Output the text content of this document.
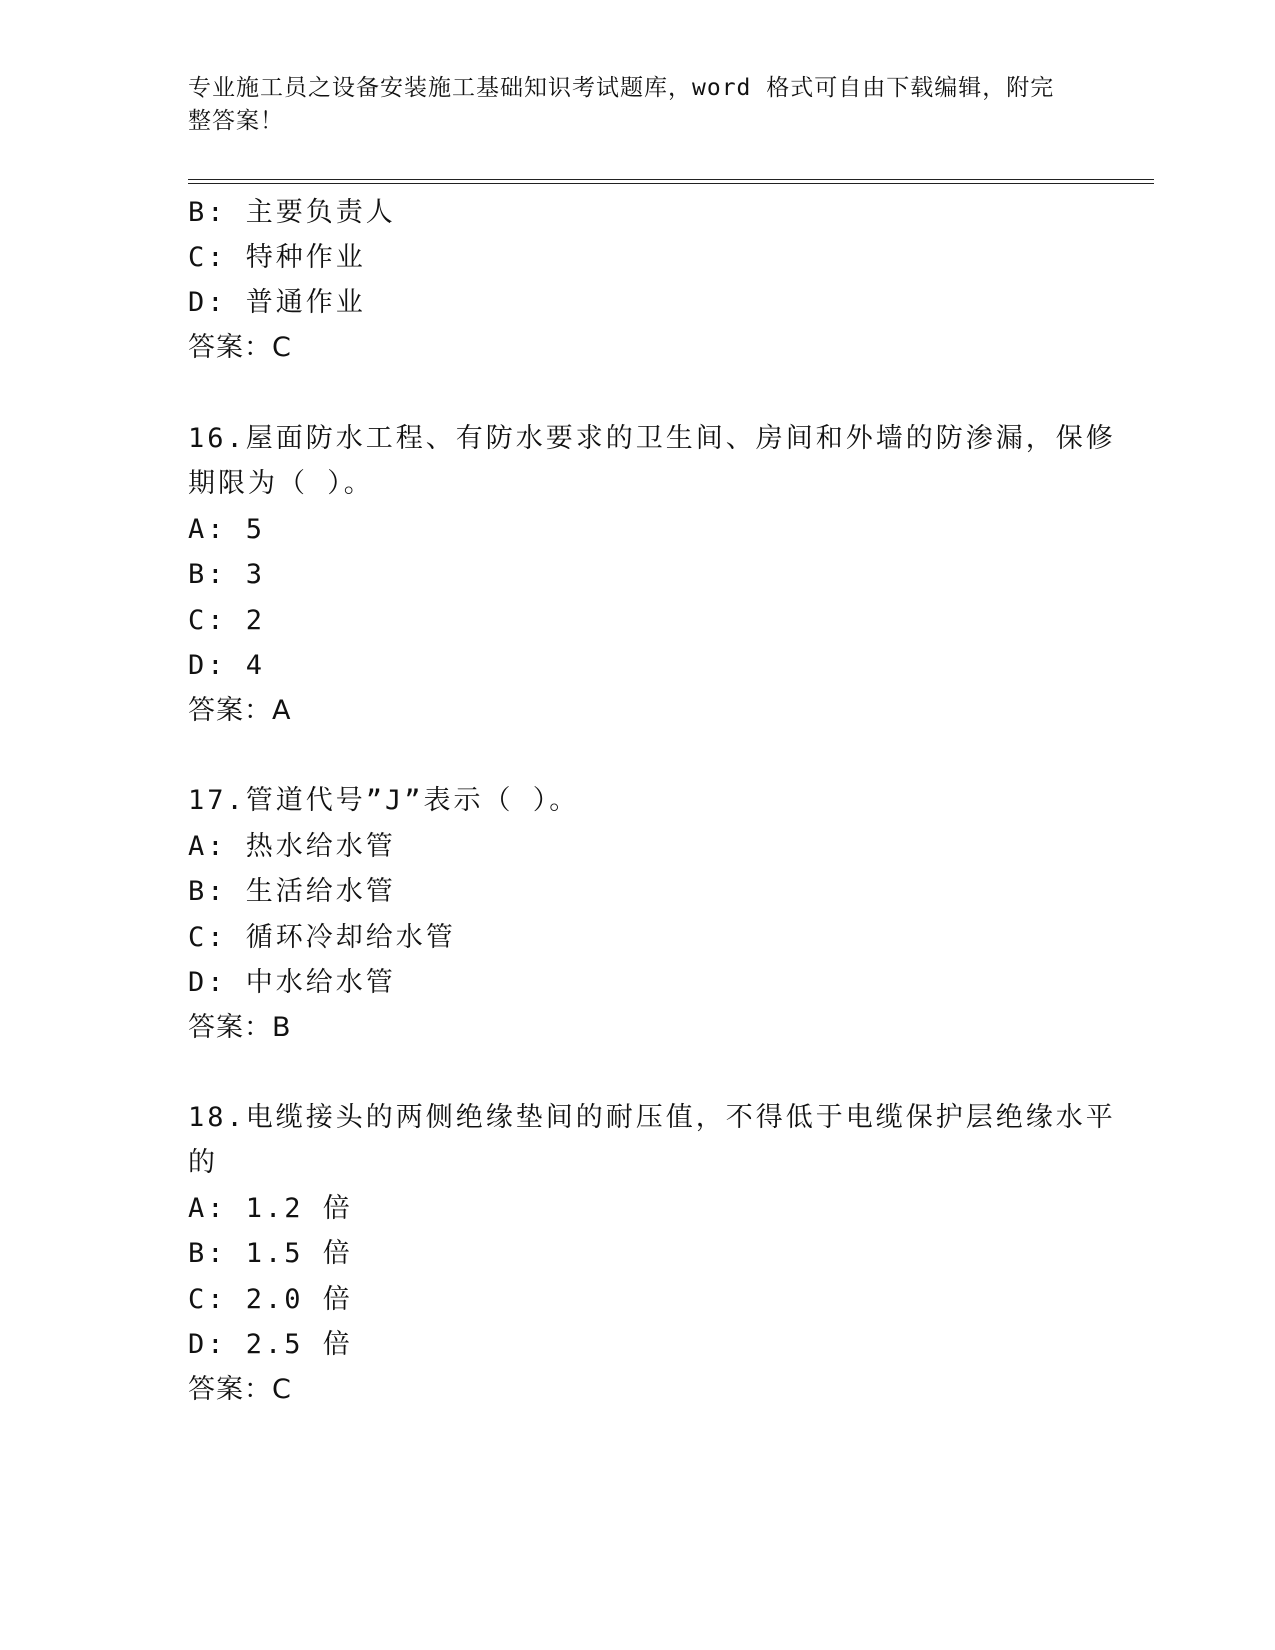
专业施工员之设备安装施工基础知识考试题库，word 格式可自由下载编辑，附完整答案！
B: 主要负责人
C: 特种作业
D: 普通作业
答案：C
16.屋面防水工程、有防水要求的卫生间、房间和外墙的防渗漏，保修
期限为（ ）。
A: 5
B: 3
C: 2
D: 4
答案：A
17.管道代号”J”表示（ ）。
A: 热水给水管
B: 生活给水管
C: 循环冷却给水管
D: 中水给水管
答案：B
18.电缆接头的两侧绝缘垫间的耐压值，不得低于电缆保护层绝缘水平
的
A: 1.2 倍
B: 1.5 倍
C: 2.0 倍
D: 2.5 倍
答案：C
